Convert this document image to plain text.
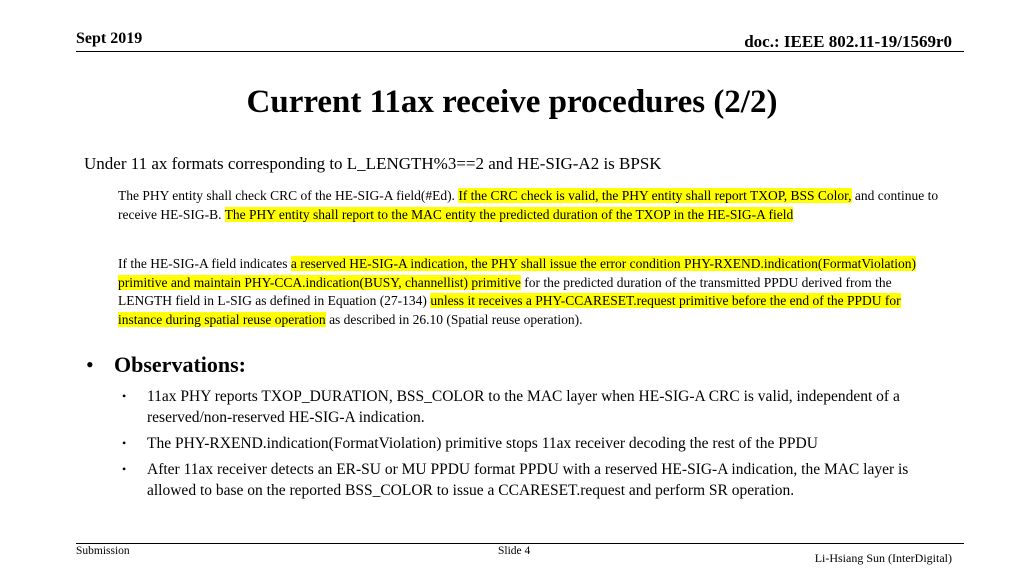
Sept 2019	doc.: IEEE 802.11-19/1569r0
Current 11ax receive procedures (2/2)
Under 11 ax formats corresponding to L_LENGTH%3==2 and HE-SIG-A2 is BPSK
The PHY entity shall check CRC of the HE-SIG-A field(#Ed). If the CRC check is valid, the PHY entity shall report TXOP, BSS Color, and continue to receive HE-SIG-B. The PHY entity shall report to the MAC entity the predicted duration of the TXOP in the HE-SIG-A field
If the HE-SIG-A field indicates a reserved HE-SIG-A indication, the PHY shall issue the error condition PHY-RXEND.indication(FormatViolation) primitive and maintain PHY-CCA.indication(BUSY, channellist) primitive for the predicted duration of the transmitted PPDU derived from the LENGTH field in L-SIG as defined in Equation (27-134) unless it receives a PHY-CCARESET.request primitive before the end of the PPDU for instance during spatial reuse operation as described in 26.10 (Spatial reuse operation).
• Observations:
• 11ax PHY reports TXOP_DURATION, BSS_COLOR to the MAC layer when HE-SIG-A CRC is valid, independent of a reserved/non-reserved HE-SIG-A indication.
• The PHY-RXEND.indication(FormatViolation) primitive stops 11ax receiver decoding the rest of the PPDU
• After 11ax receiver detects an ER-SU or MU PPDU format PPDU with a reserved HE-SIG-A indication, the MAC layer is allowed to base on the reported BSS_COLOR to issue a CCARESET.request and perform SR operation.
Submission	Slide 4	Li-Hsiang Sun (InterDigital)
